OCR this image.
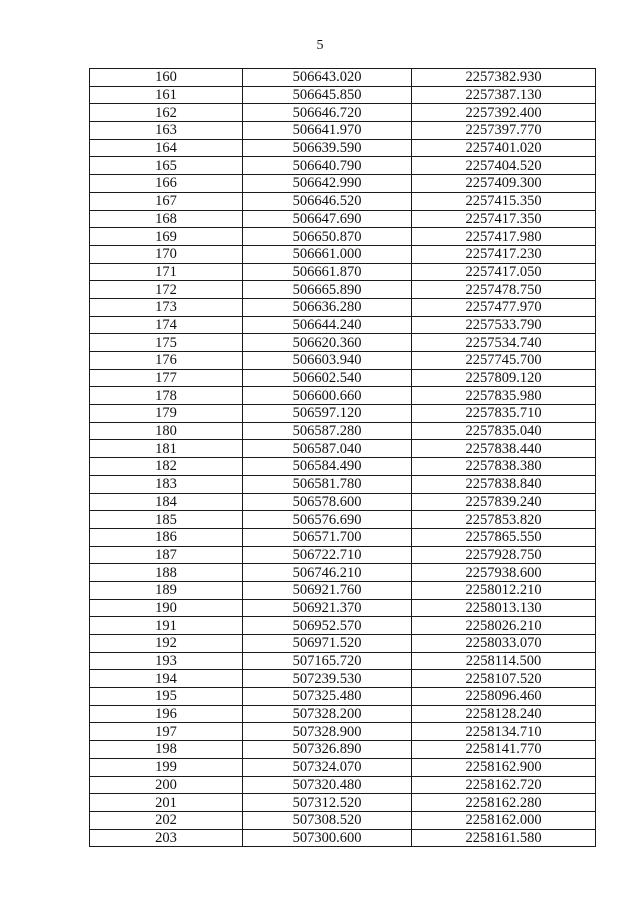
5
160	506643.020	2257382.930
161	506645.850	2257387.130
162	506646.720	2257392.400
163	506641.970	2257397.770
164	506639.590	2257401.020
165	506640.790	2257404.520
166	506642.990	2257409.300
167	506646.520	2257415.350
168	506647.690	2257417.350
169	506650.870	2257417.980
170	506661.000	2257417.230
171	506661.870	2257417.050
172	506665.890	2257478.750
173	506636.280	2257477.970
174	506644.240	2257533.790
175	506620.360	2257534.740
176	506603.940	2257745.700
177	506602.540	2257809.120
178	506600.660	2257835.980
179	506597.120	2257835.710
180	506587.280	2257835.040
181	506587.040	2257838.440
182	506584.490	2257838.380
183	506581.780	2257838.840
184	506578.600	2257839.240
185	506576.690	2257853.820
186	506571.700	2257865.550
187	506722.710	2257928.750
188	506746.210	2257938.600
189	506921.760	2258012.210
190	506921.370	2258013.130
191	506952.570	2258026.210
192	506971.520	2258033.070
193	507165.720	2258114.500
194	507239.530	2258107.520
195	507325.480	2258096.460
196	507328.200	2258128.240
197	507328.900	2258134.710
198	507326.890	2258141.770
199	507324.070	2258162.900
200	507320.480	2258162.720
201	507312.520	2258162.280
202	507308.520	2258162.000
203	507300.600	2258161.580
